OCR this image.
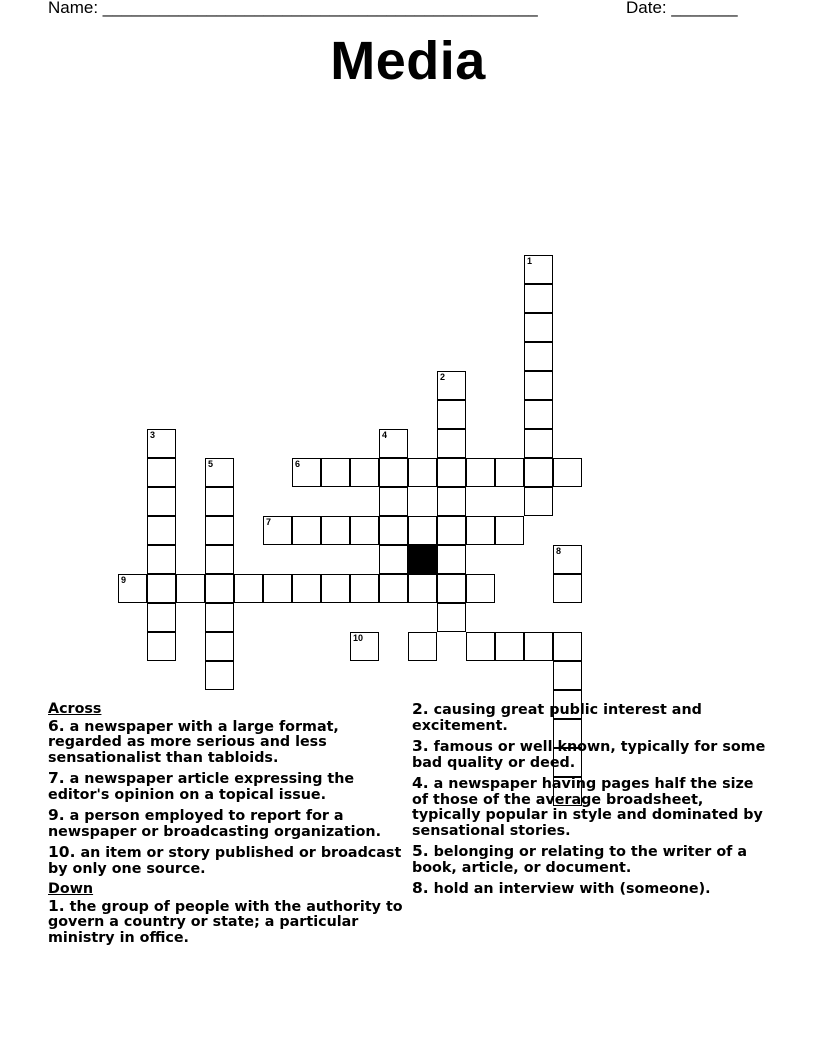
Name: ______________________________________________	Date: _______
Media
1
2
3	4
5	6
7
8
9
10
Across
6. a newspaper with a large format, regarded as more serious and less sensationalist than tabloids.
7. a newspaper article expressing the editor's opinion on a topical issue.
9. a person employed to report for a newspaper or broadcasting organization.
10. an item or story published or broadcast by only one source.
Down
1. the group of people with the authority to govern a country or state; a particular ministry in office.
2. causing great public interest and excitement.
3. famous or well known, typically for some bad quality or deed.
4. a newspaper having pages half the size of those of the average broadsheet, typically popular in style and dominated by sensational stories.
5. belonging or relating to the writer of a book, article, or document.
8. hold an interview with (someone).
